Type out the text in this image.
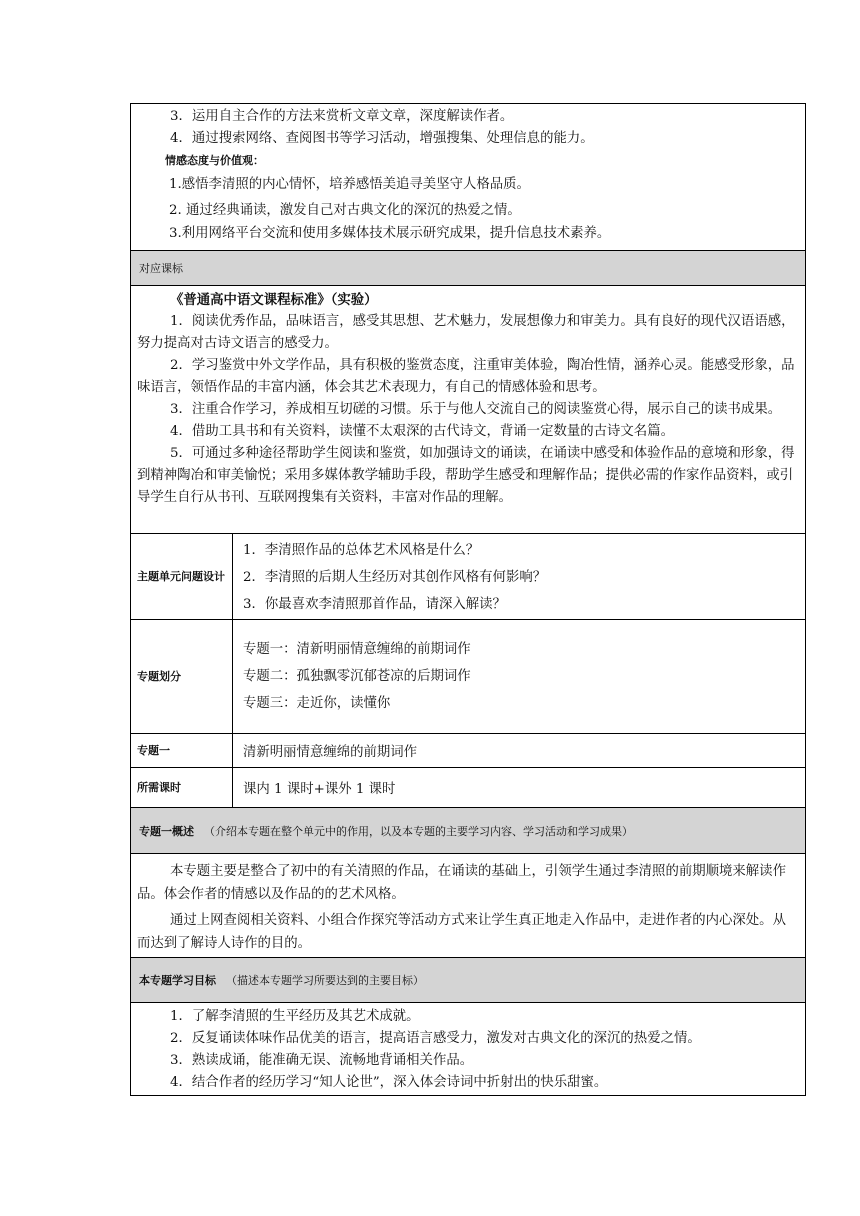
3．运用自主合作的方法来赏析文章文章，深度解读作者。

4．通过搜索网络、查阅图书等学习活动，增强搜集、处理信息的能力。

情感态度与价值观：

1.感悟李清照的内心情怀，培养感悟美追寻美坚守人格品质。

2. 通过经典诵读，激发自己对古典文化的深沉的热爱之情。

3.利用网络平台交流和使用多媒体技术展示研究成果，提升信息技术素养。

对应课标

《普通高中语文课程标准》（实验）

1．阅读优秀作品，品味语言，感受其思想、艺术魅力，发展想像力和审美力。具有良好的现代汉语语感，努力提高对古诗文语言的感受力。

2．学习鉴赏中外文学作品，具有积极的鉴赏态度，注重审美体验，陶冶性情，涵养心灵。能感受形象，品味语言，领悟作品的丰富内涵，体会其艺术表现力，有自己的情感体验和思考。

3．注重合作学习，养成相互切磋的习惯。乐于与他人交流自己的阅读鉴赏心得，展示自己的读书成果。

4．借助工具书和有关资料，读懂不太艰深的古代诗文，背诵一定数量的古诗文名篇。

5．可通过多种途径帮助学生阅读和鉴赏，如加强诗文的诵读，在诵读中感受和体验作品的意境和形象，得到精神陶冶和审美愉悦；采用多媒体教学辅助手段，帮助学生感受和理解作品；提供必需的作家作品资料，或引导学生自行从书刊、互联网搜集有关资料，丰富对作品的理解。

主题单元问题设计
1．李清照作品的总体艺术风格是什么？
2．李清照的后期人生经历对其创作风格有何影响？
3．你最喜欢李清照那首作品，请深入解读？
专题划分
专题一：清新明丽情意缠绵的前期词作
专题二：孤独飘零沉郁苍凉的后期词作
专题三：走近你，读懂你
专题一	清新明丽情意缠绵的前期词作
所需课时	课内 1 课时+课外 1 课时
专题一概述 （介绍本专题在整个单元中的作用，以及本专题的主要学习内容、学习活动和学习成果）

本专题主要是整合了初中的有关清照的作品，在诵读的基础上，引领学生通过李清照的前期顺境来解读作品。体会作者的情感以及作品的的艺术风格。

通过上网查阅相关资料、小组合作探究等活动方式来让学生真正地走入作品中，走进作者的内心深处。从而达到了解诗人诗作的目的。

本专题学习目标 （描述本专题学习所要达到的主要目标）

1．了解李清照的生平经历及其艺术成就。

2．反复诵读体味作品优美的语言，提高语言感受力，激发对古典文化的深沉的热爱之情。

3．熟读成诵，能准确无误、流畅地背诵相关作品。

4．结合作者的经历学习“知人论世”，深入体会诗词中折射出的快乐甜蜜。
